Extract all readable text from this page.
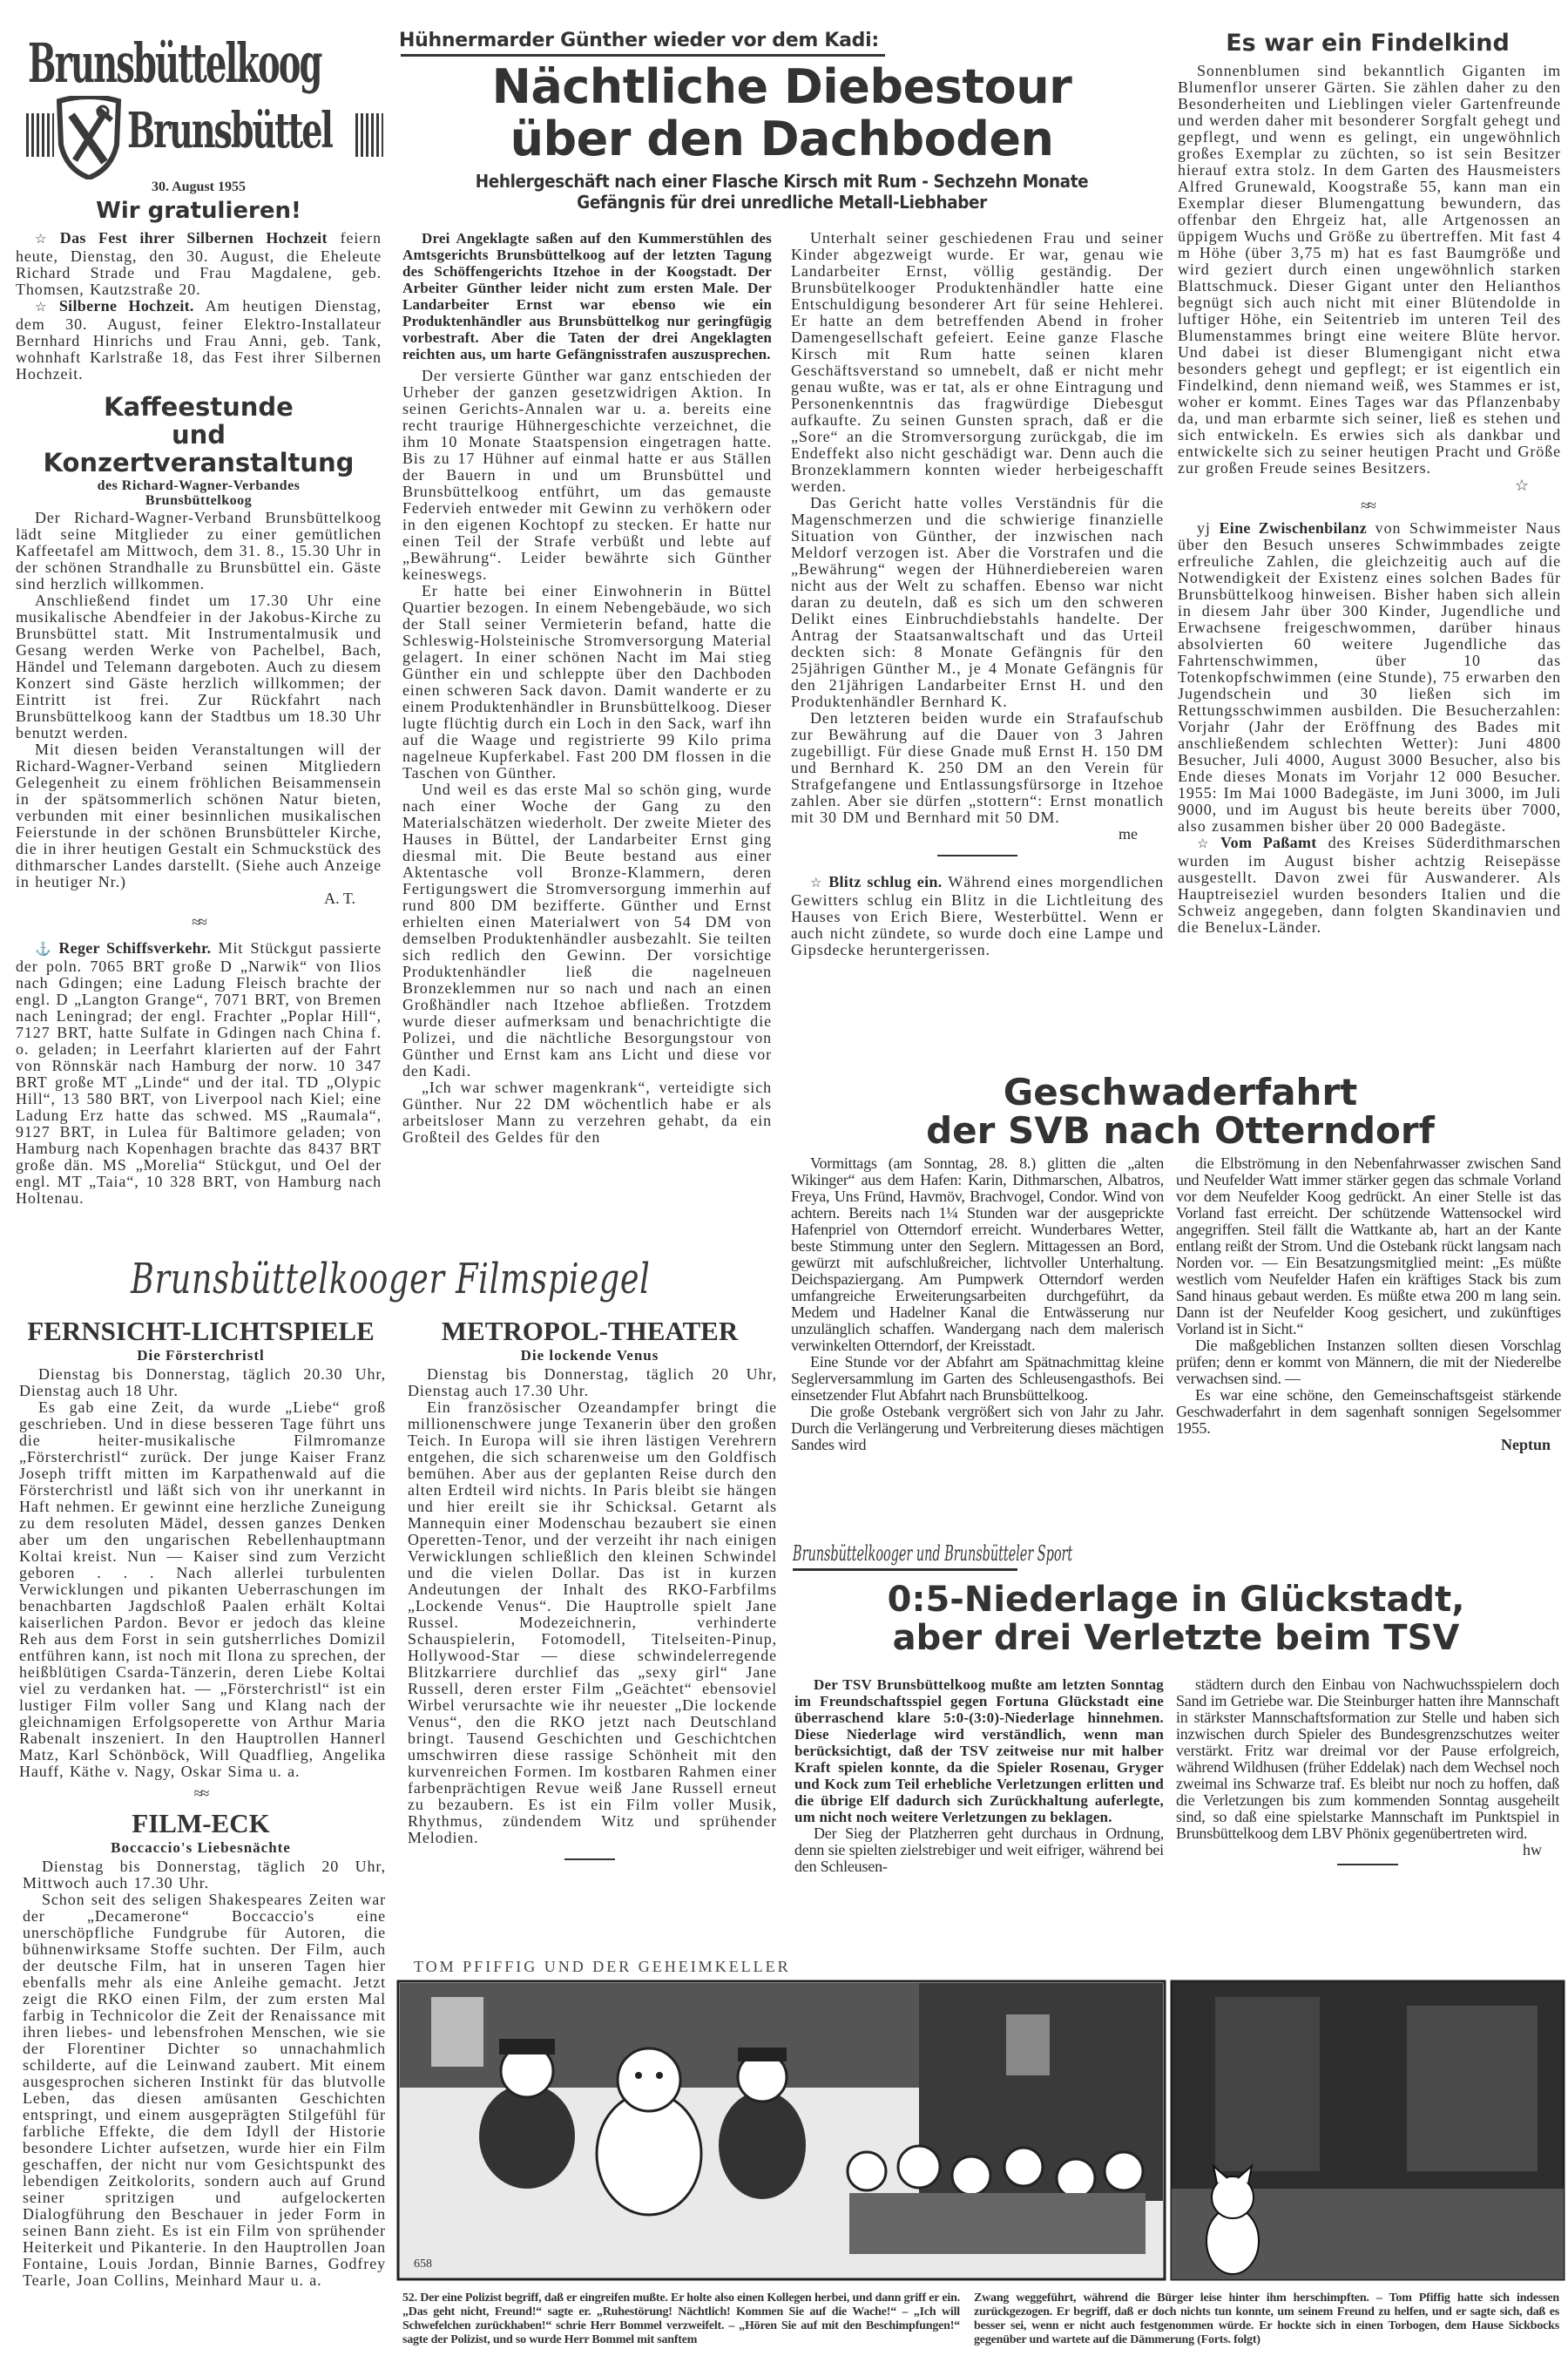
Brunsbüttelkoog
Brunsbüttel
30. August 1955
Wir gratulieren!

☆ Das Fest ihrer Silbernen Hochzeit feiern heute, Dienstag, den 30. August, die Eheleute Richard Strade und Frau Magdalene, geb. Thomsen, Kautzstraße 20.

☆ Silberne Hochzeit. Am heutigen Dienstag, dem 30. August, feiner Elektro-Installateur Bernhard Hinrichs und Frau Anni, geb. Tank, wohnhaft Karlstraße 18, das Fest ihrer Silbernen Hochzeit.

Kaffeestunde
und Konzertveranstaltung
des Richard-Wagner-Verbandes
Brunsbüttelkoog

Der Richard-Wagner-Verband Brunsbüttelkoog lädt seine Mitglieder zu einer gemütlichen Kaffeetafel am Mittwoch, dem 31. 8., 15.30 Uhr in der schönen Strandhalle zu Brunsbüttel ein. Gäste sind herzlich willkommen.

Anschließend findet um 17.30 Uhr eine musikalische Abendfeier in der Jakobus-Kirche zu Brunsbüttel statt. Mit Instrumentalmusik und Gesang werden Werke von Pachelbel, Bach, Händel und Telemann dargeboten. Auch zu diesem Konzert sind Gäste herzlich willkommen; der Eintritt ist frei. Zur Rückfahrt nach Brunsbüttelkoog kann der Stadtbus um 18.30 Uhr benutzt werden.

Mit diesen beiden Veranstaltungen will der Richard-Wagner-Verband seinen Mitgliedern Gelegenheit zu einem fröhlichen Beisammensein in der spätsommerlich schönen Natur bieten, verbunden mit einer besinnlichen musikalischen Feierstunde in der schönen Brunsbütteler Kirche, die in ihrer heutigen Gestalt ein Schmuckstück des dithmarscher Landes darstellt. (Siehe auch Anzeige in heutiger Nr.)

A. T.
≈≈

⚓ Reger Schiffsverkehr. Mit Stückgut passierte der poln. 7065 BRT große D „Narwik“ von Ilios nach Gdingen; eine Ladung Fleisch brachte der engl. D „Langton Grange“, 7071 BRT, von Bremen nach Leningrad; der engl. Frachter „Poplar Hill“, 7127 BRT, hatte Sulfate in Gdingen nach China f. o. geladen; in Leerfahrt klarierten auf der Fahrt von Rönnskär nach Hamburg der norw. 10 347 BRT große MT „Linde“ und der ital. TD „Olypic Hill“, 13 580 BRT, von Liverpool nach Kiel; eine Ladung Erz hatte das schwed. MS „Raumala“, 9127 BRT, in Lulea für Baltimore geladen; von Hamburg nach Kopenhagen brachte das 8437 BRT große dän. MS „Morelia“ Stückgut, und Oel der engl. MT „Taia“, 10 328 BRT, von Hamburg nach Holtenau.

Hühnermarder Günther wieder vor dem Kadi:
Nächtliche Diebestour
über den Dachboden
Hehlergeschäft nach einer Flasche Kirsch mit Rum - Sechzehn Monate
Gefängnis für drei unredliche Metall-Liebhaber

Drei Angeklagte saßen auf den Kummerstühlen des Amtsgerichts Brunsbüttelkoog auf der letzten Tagung des Schöffengerichts Itzehoe in der Koogstadt. Der Arbeiter Günther leider nicht zum ersten Male. Der Landarbeiter Ernst war ebenso wie ein Produktenhändler aus Brunsbüttelkog nur geringfügig vorbestraft. Aber die Taten der drei Angeklagten reichten aus, um harte Gefängnisstrafen auszusprechen.

Der versierte Günther war ganz entschieden der Urheber der ganzen gesetzwidrigen Aktion. In seinen Gerichts-Annalen war u. a. bereits eine recht traurige Hühnergeschichte verzeichnet, die ihm 10 Monate Staatspension eingetragen hatte. Bis zu 17 Hühner auf einmal hatte er aus Ställen der Bauern in und um Brunsbüttel und Brunsbüttelkoog entführt, um das gemauste Federvieh entweder mit Gewinn zu verhökern oder in den eigenen Kochtopf zu stecken. Er hatte nur einen Teil der Strafe verbüßt und lebte auf „Bewährung“. Leider bewährte sich Günther keineswegs.

Er hatte bei einer Einwohnerin in Büttel Quartier bezogen. In einem Nebengebäude, wo sich der Stall seiner Vermieterin befand, hatte die Schleswig-Holsteinische Stromversorgung Material gelagert. In einer schönen Nacht im Mai stieg Günther ein und schleppte über den Dachboden einen schweren Sack davon. Damit wanderte er zu einem Produktenhändler in Brunsbüttelkoog. Dieser lugte flüchtig durch ein Loch in den Sack, warf ihn auf die Waage und registrierte 99 Kilo prima nagelneue Kupferkabel. Fast 200 DM flossen in die Taschen von Günther.

Und weil es das erste Mal so schön ging, wurde nach einer Woche der Gang zu den Materialschätzen wiederholt. Der zweite Mieter des Hauses in Büttel, der Landarbeiter Ernst ging diesmal mit. Die Beute bestand aus einer Aktentasche voll Bronze-Klammern, deren Fertigungswert die Stromversorgung immerhin auf rund 800 DM bezifferte. Günther und Ernst erhielten einen Materialwert von 54 DM von demselben Produktenhändler ausbezahlt. Sie teilten sich redlich den Gewinn. Der vorsichtige Produktenhändler ließ die nagelneuen Bronzeklemmen nur so nach und nach an einen Großhändler nach Itzehoe abfließen. Trotzdem wurde dieser aufmerksam und benachrichtigte die Polizei, und die nächtliche Besorgungstour von Günther und Ernst kam ans Licht und diese vor den Kadi.

„Ich war schwer magenkrank“, verteidigte sich Günther. Nur 22 DM wöchentlich habe er als arbeitsloser Mann zu verzehren gehabt, da ein Großteil des Geldes für den

Unterhalt seiner geschiedenen Frau und seiner Kinder abgezweigt wurde. Er war, genau wie Landarbeiter Ernst, völlig geständig. Der Brunsbütelkooger Produktenhändler hatte eine Entschuldigung besonderer Art für seine Hehlerei. Er hatte an dem betreffenden Abend in froher Damengesellschaft gefeiert. Eeine ganze Flasche Kirsch mit Rum hatte seinen klaren Geschäftsverstand so umnebelt, daß er nicht mehr genau wußte, was er tat, als er ohne Eintragung und Personenkenntnis das fragwürdige Diebesgut aufkaufte. Zu seinen Gunsten sprach, daß er die „Sore“ an die Stromversorgung zurückgab, die im Endeffekt also nicht geschädigt war. Denn auch die Bronzeklammern konnten wieder herbeigeschafft werden.

Das Gericht hatte volles Verständnis für die Magenschmerzen und die schwierige finanzielle Situation von Günther, der inzwischen nach Meldorf verzogen ist. Aber die Vorstrafen und die „Bewährung“ wegen der Hühnerdiebereien waren nicht aus der Welt zu schaffen. Ebenso war nicht daran zu deuteln, daß es sich um den schweren Delikt eines Einbruchdiebstahls handelte. Der Antrag der Staatsanwaltschaft und das Urteil deckten sich: 8 Monate Gefängnis für den 25jährigen Günther M., je 4 Monate Gefängnis für den 21jährigen Landarbeiter Ernst H. und den Produktenhändler Bernhard K.

Den letzteren beiden wurde ein Strafaufschub zur Bewährung auf die Dauer von 3 Jahren zugebilligt. Für diese Gnade muß Ernst H. 150 DM und Bernhard K. 250 DM an den Verein für Strafgefangene und Entlassungsfürsorge in Itzehoe zahlen. Aber sie dürfen „stottern“: Ernst monatlich mit 30 DM und Bernhard mit 50 DM.

me

☆ Blitz schlug ein. Während eines morgendlichen Gewitters schlug ein Blitz in die Lichtleitung des Hauses von Erich Biere, Westerbüttel. Wenn er auch nicht zündete, so wurde doch eine Lampe und Gipsdecke heruntergerissen.

Es war ein Findelkind

Sonnenblumen sind bekanntlich Giganten im Blumenflor unserer Gärten. Sie zählen daher zu den Besonderheiten und Lieblingen vieler Gartenfreunde und werden daher mit besonderer Sorgfalt gehegt und gepflegt, und wenn es gelingt, ein ungewöhnlich großes Exemplar zu züchten, so ist sein Besitzer hierauf extra stolz. In dem Garten des Hausmeisters Alfred Grunewald, Koogstraße 55, kann man ein Exemplar dieser Blumengattung bewundern, das offenbar den Ehrgeiz hat, alle Artgenossen an üppigem Wuchs und Größe zu übertreffen. Mit fast 4 m Höhe (über 3,75 m) hat es fast Baumgröße und wird geziert durch einen ungewöhnlich starken Blattschmuck. Dieser Gigant unter den Helianthos begnügt sich auch nicht mit einer Blütendolde in luftiger Höhe, ein Seitentrieb im unteren Teil des Blumenstammes bringt eine weitere Blüte hervor. Und dabei ist dieser Blumengigant nicht etwa besonders gehegt und gepflegt; er ist eigentlich ein Findelkind, denn niemand weiß, wes Stammes er ist, woher er kommt. Eines Tages war das Pflanzenbaby da, und man erbarmte sich seiner, ließ es stehen und sich entwickeln. Es erwies sich als dankbar und entwickelte sich zu seiner heutigen Pracht und Größe zur großen Freude seines Besitzers.

☆
≈≈

yj Eine Zwischenbilanz von Schwimmeister Naus über den Besuch unseres Schwimmbades zeigte erfreuliche Zahlen, die gleichzeitig auch auf die Notwendigkeit der Existenz eines solchen Bades für Brunsbüttelkoog hinweisen. Bisher haben sich allein in diesem Jahr über 300 Kinder, Jugendliche und Erwachsene freigeschwommen, darüber hinaus absolvierten 60 weitere Jugendliche das Fahrtenschwimmen, über 10 das Totenkopfschwimmen (eine Stunde), 75 erwarben den Jugendschein und 30 ließen sich im Rettungsschwimmen ausbilden. Die Besucherzahlen: Vorjahr (Jahr der Eröffnung des Bades mit anschließendem schlechten Wetter): Juni 4800 Besucher, Juli 4000, August 3000 Besucher, also bis Ende dieses Monats im Vorjahr 12 000 Besucher. 1955: Im Mai 1000 Badegäste, im Juni 3000, im Juli 9000, und im August bis heute bereits über 7000, also zusammen bisher über 20 000 Badegäste.

☆ Vom Paßamt des Kreises Süderdithmarschen wurden im August bisher achtzig Reisepässe ausgestellt. Davon zwei für Auswanderer. Als Hauptreiseziel wurden besonders Italien und die Schweiz angegeben, dann folgten Skandinavien und die Benelux-Länder.

Geschwaderfahrt
der SVB nach Otterndorf

Vormittags (am Sonntag, 28. 8.) glitten die „alten Wikinger“ aus dem Hafen: Karin, Dithmarschen, Albatros, Freya, Uns Fründ, Havmöv, Brachvogel, Condor. Wind von achtern. Bereits nach 1¼ Stunden war der ausgeprickte Hafenpriel von Otterndorf erreicht. Wunderbares Wetter, beste Stimmung unter den Seglern. Mittagessen an Bord, gewürzt mit aufschlußreicher, lichtvoller Unterhaltung. Deichspaziergang. Am Pumpwerk Otterndorf werden umfangreiche Erweiterungsarbeiten durchgeführt, da Medem und Hadelner Kanal die Entwässerung nur unzulänglich schaffen. Wandergang nach dem malerisch verwinkelten Otterndorf, der Kreisstadt.

Eine Stunde vor der Abfahrt am Spätnachmittag kleine Seglerversammlung im Garten des Schleusengasthofs. Bei einsetzender Flut Abfahrt nach Brunsbüttelkoog.

Die große Ostebank vergrößert sich von Jahr zu Jahr. Durch die Verlängerung und Verbreiterung dieses mächtigen Sandes wird

die Elbströmung in den Nebenfahrwasser zwischen Sand und Neufelder Watt immer stärker gegen das schmale Vorland vor dem Neufelder Koog gedrückt. An einer Stelle ist das Vorland fast erreicht. Der schützende Wattensockel wird angegriffen. Steil fällt die Wattkante ab, hart an der Kante entlang reißt der Strom. Und die Ostebank rückt langsam nach Norden vor. — Ein Besatzungsmitglied meint: „Es müßte westlich vom Neufelder Hafen ein kräftiges Stack bis zum Sand hinaus gebaut werden. Es müßte etwa 200 m lang sein. Dann ist der Neufelder Koog gesichert, und zukünftiges Vorland ist in Sicht.“

Die maßgeblichen Instanzen sollten diesen Vorschlag prüfen; denn er kommt von Männern, die mit der Niederelbe verwachsen sind. —

Es war eine schöne, den Gemeinschaftsgeist stärkende Geschwaderfahrt in dem sagenhaft sonnigen Segelsommer 1955.

Neptun
Brunsbüttelkooger Filmspiegel
FERNSICHT-LICHTSPIELE
Die Försterchristl

Dienstag bis Donnerstag, täglich 20.30 Uhr, Dienstag auch 18 Uhr.

Es gab eine Zeit, da wurde „Liebe“ groß geschrieben. Und in diese besseren Tage führt uns die heiter-musikalische Filmromanze „Försterchristl“ zurück. Der junge Kaiser Franz Joseph trifft mitten im Karpathenwald auf die Försterchristl und läßt sich von ihr unerkannt in Haft nehmen. Er gewinnt eine herzliche Zuneigung zu dem resoluten Mädel, dessen ganzes Denken aber um den ungarischen Rebellenhauptmann Koltai kreist. Nun — Kaiser sind zum Verzicht geboren . . . Nach allerlei turbulenten Verwicklungen und pikanten Ueberraschungen im benachbarten Jagdschloß Paalen erhält Koltai kaiserlichen Pardon. Bevor er jedoch das kleine Reh aus dem Forst in sein gutsherrliches Domizil entführen kann, ist noch mit Ilona zu sprechen, der heißblütigen Csarda-Tänzerin, deren Liebe Koltai viel zu verdanken hat. — „Försterchristl“ ist ein lustiger Film voller Sang und Klang nach der gleichnamigen Erfolgsoperette von Arthur Maria Rabenalt inszeniert. In den Hauptrollen Hannerl Matz, Karl Schönböck, Will Quadflieg, Angelika Hauff, Käthe v. Nagy, Oskar Sima u. a.

≈≈
FILM-ECK
Boccaccio's Liebesnächte

Dienstag bis Donnerstag, täglich 20 Uhr, Mittwoch auch 17.30 Uhr.

Schon seit des seligen Shakespeares Zeiten war der „Decamerone“ Boccaccio's eine unerschöpfliche Fundgrube für Autoren, die bühnenwirksame Stoffe suchten. Der Film, auch der deutsche Film, hat in unseren Tagen hier ebenfalls mehr als eine Anleihe gemacht. Jetzt zeigt die RKO einen Film, der zum ersten Mal farbig in Technicolor die Zeit der Renaissance mit ihren liebes- und lebensfrohen Menschen, wie sie der Florentiner Dichter so unnachahmlich schilderte, auf die Leinwand zaubert. Mit einem ausgesprochen sicheren Instinkt für das blutvolle Leben, das diesen amüsanten Geschichten entspringt, und einem ausgeprägten Stilgefühl für farbliche Effekte, die dem Idyll der Historie besondere Lichter aufsetzen, wurde hier ein Film geschaffen, der nicht nur vom Gesichtspunkt des lebendigen Zeitkolorits, sondern auch auf Grund seiner spritzigen und aufgelockerten Dialogführung den Beschauer in jeder Form in seinen Bann zieht. Es ist ein Film von sprühender Heiterkeit und Pikanterie. In den Hauptrollen Joan Fontaine, Louis Jordan, Binnie Barnes, Godfrey Tearle, Joan Collins, Meinhard Maur u. a.

METROPOL-THEATER
Die lockende Venus

Dienstag bis Donnerstag, täglich 20 Uhr, Dienstag auch 17.30 Uhr.

Ein französischer Ozeandampfer bringt die millionenschwere junge Texanerin über den großen Teich. In Europa will sie ihren lästigen Verehrern entgehen, die sich scharenweise um den Goldfisch bemühen. Aber aus der geplanten Reise durch den alten Erdteil wird nichts. In Paris bleibt sie hängen und hier ereilt sie ihr Schicksal. Getarnt als Mannequin einer Modenschau bezaubert sie einen Operetten-Tenor, und der verzeiht ihr nach einigen Verwicklungen schließlich den kleinen Schwindel und die vielen Dollar. Das ist in kurzen Andeutungen der Inhalt des RKO-Farbfilms „Lockende Venus“. Die Hauptrolle spielt Jane Russel. Modezeichnerin, verhinderte Schauspielerin, Fotomodell, Titelseiten-Pinup, Hollywood-Star — diese schwindelerregende Blitzkarriere durchlief das „sexy girl“ Jane Russell, deren erster Film „Geächtet“ ebensoviel Wirbel verursachte wie ihr neuester „Die lockende Venus“, den die RKO jetzt nach Deutschland bringt. Tausend Geschichten und Geschichtchen umschwirren diese rassige Schönheit mit den kurvenreichen Formen. Im kostbaren Rahmen einer farbenprächtigen Revue weiß Jane Russell erneut zu bezaubern. Es ist ein Film voller Musik, Rhythmus, zündendem Witz und sprühender Melodien.

Brunsbüttelkooger und Brunsbütteler Sport
0:5-Niederlage in Glückstadt,
aber drei Verletzte beim TSV

Der TSV Brunsbüttelkoog mußte am letzten Sonntag im Freundschaftsspiel gegen Fortuna Glückstadt eine überraschend klare 5:0-(3:0)-Niederlage hinnehmen. Diese Niederlage wird verständlich, wenn man berücksichtigt, daß der TSV zeitweise nur mit halber Kraft spielen konnte, da die Spieler Rosenau, Gryger und Kock zum Teil erhebliche Verletzungen erlitten und die übrige Elf dadurch sich Zurückhaltung auferlegte, um nicht noch weitere Verletzungen zu beklagen.

Der Sieg der Platzherren geht durchaus in Ordnung, denn sie spielten zielstrebiger und weit eifriger, während bei den Schleusen-

städtern durch den Einbau von Nachwuchsspielern doch Sand im Getriebe war. Die Steinburger hatten ihre Mannschaft in stärkster Mannschaftsformation zur Stelle und haben sich inzwischen durch Spieler des Bundesgrenzschutzes weiter verstärkt. Fritz war dreimal vor der Pause erfolgreich, während Wildhusen (früher Eddelak) nach dem Wechsel noch zweimal ins Schwarze traf. Es bleibt nur noch zu hoffen, daß die Verletzungen bis zum kommenden Sonntag ausgeheilt sind, so daß eine spielstarke Mannschaft im Punktspiel in Brunsbüttelkoog dem LBV Phönix gegenübertreten wird.

hw
TOM PFIFFIG UND DER GEHEIMKELLER
658
52. Der eine Polizist begriff, daß er eingreifen mußte. Er holte also einen Kollegen herbei, und dann griff er ein. „Das geht nicht, Freund!“ sagte er. „Ruhestörung! Nächtlich! Kommen Sie auf die Wache!“ – „Ich will Schwefelchen zurückhaben!“ schrie Herr Bommel verzweifelt. – „Hören Sie auf mit den Beschimpfungen!“ sagte der Polizist, und so wurde Herr Bommel mit sanftem
Zwang weggeführt, während die Bürger leise hinter ihm herschimpften. – Tom Pfiffig hatte sich indessen zurückgezogen. Er begriff, daß er doch nichts tun konnte, um seinem Freund zu helfen, und er sagte sich, daß es besser sei, wenn er nicht auch festgenommen würde. Er hockte sich in einen Torbogen, dem Hause Sickbocks gegenüber und wartete auf die Dämmerung (Forts. folgt)
